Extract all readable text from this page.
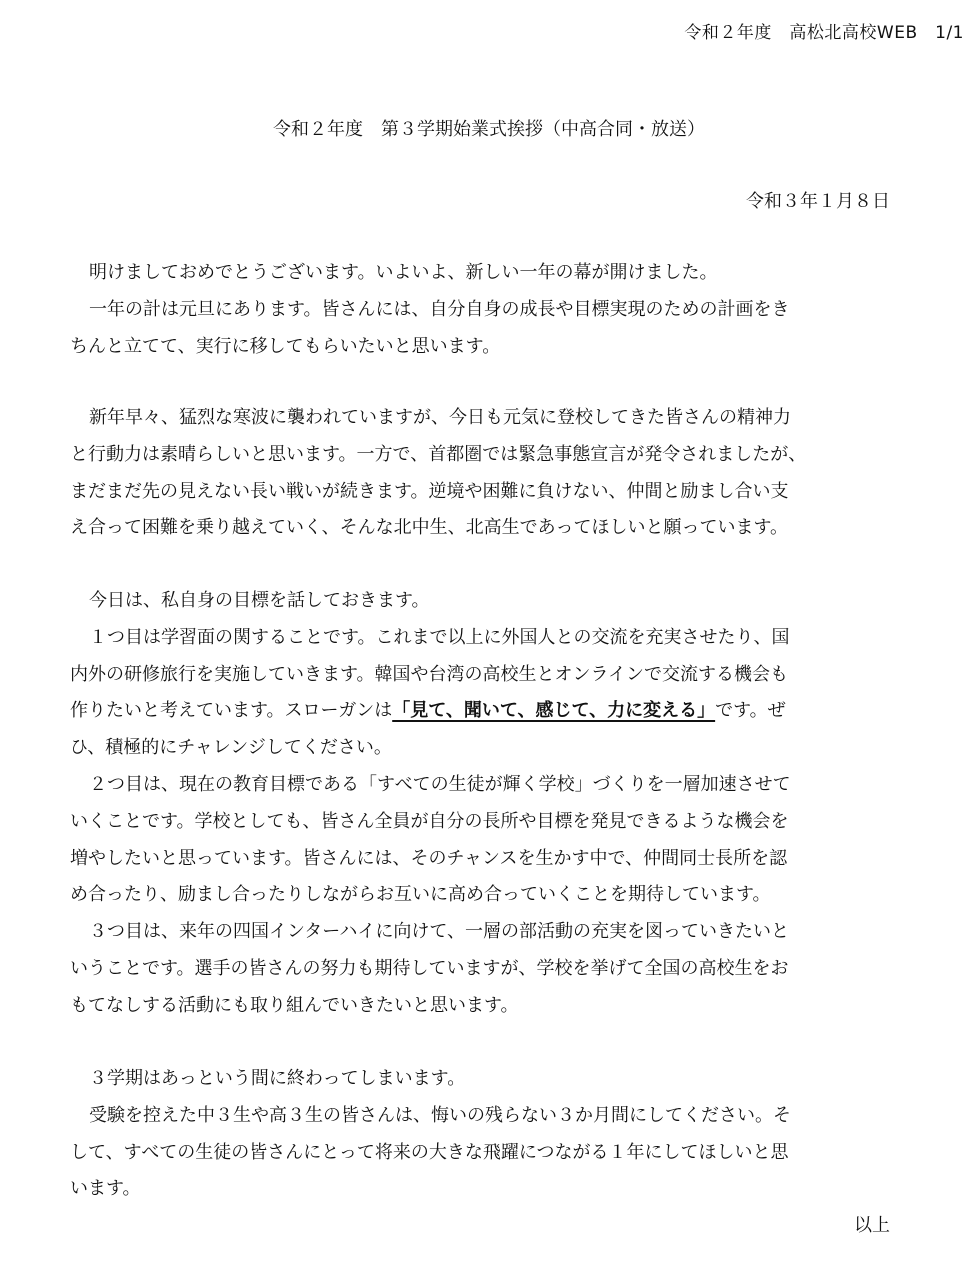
令和２年度　高松北高校WEB　1/1
令和２年度　第３学期始業式挨拶（中高合同・放送）
令和３年１月８日
明けましておめでとうございます。いよいよ、新しい一年の幕が開けました。
一年の計は元旦にあります。皆さんには、自分自身の成長や目標実現のための計画をき
ちんと立てて、実行に移してもらいたいと思います。
新年早々、猛烈な寒波に襲われていますが、今日も元気に登校してきた皆さんの精神力
と行動力は素晴らしいと思います。一方で、首都圏では緊急事態宣言が発令されましたが、
まだまだ先の見えない長い戦いが続きます。逆境や困難に負けない、仲間と励まし合い支
え合って困難を乗り越えていく、そんな北中生、北高生であってほしいと願っています。
今日は、私自身の目標を話しておきます。
１つ目は学習面の関することです。これまで以上に外国人との交流を充実させたり、国
内外の研修旅行を実施していきます。韓国や台湾の高校生とオンラインで交流する機会も
作りたいと考えています。スローガンは「見て、聞いて、感じて、力に変える」です。ぜ
ひ、積極的にチャレンジしてください。
２つ目は、現在の教育目標である「すべての生徒が輝く学校」づくりを一層加速させて
いくことです。学校としても、皆さん全員が自分の長所や目標を発見できるような機会を
増やしたいと思っています。皆さんには、そのチャンスを生かす中で、仲間同士長所を認
め合ったり、励まし合ったりしながらお互いに高め合っていくことを期待しています。
３つ目は、来年の四国インターハイに向けて、一層の部活動の充実を図っていきたいと
いうことです。選手の皆さんの努力も期待していますが、学校を挙げて全国の高校生をお
もてなしする活動にも取り組んでいきたいと思います。
３学期はあっという間に終わってしまいます。
受験を控えた中３生や高３生の皆さんは、悔いの残らない３か月間にしてください。そ
して、すべての生徒の皆さんにとって将来の大きな飛躍につながる１年にしてほしいと思
います。
以上
